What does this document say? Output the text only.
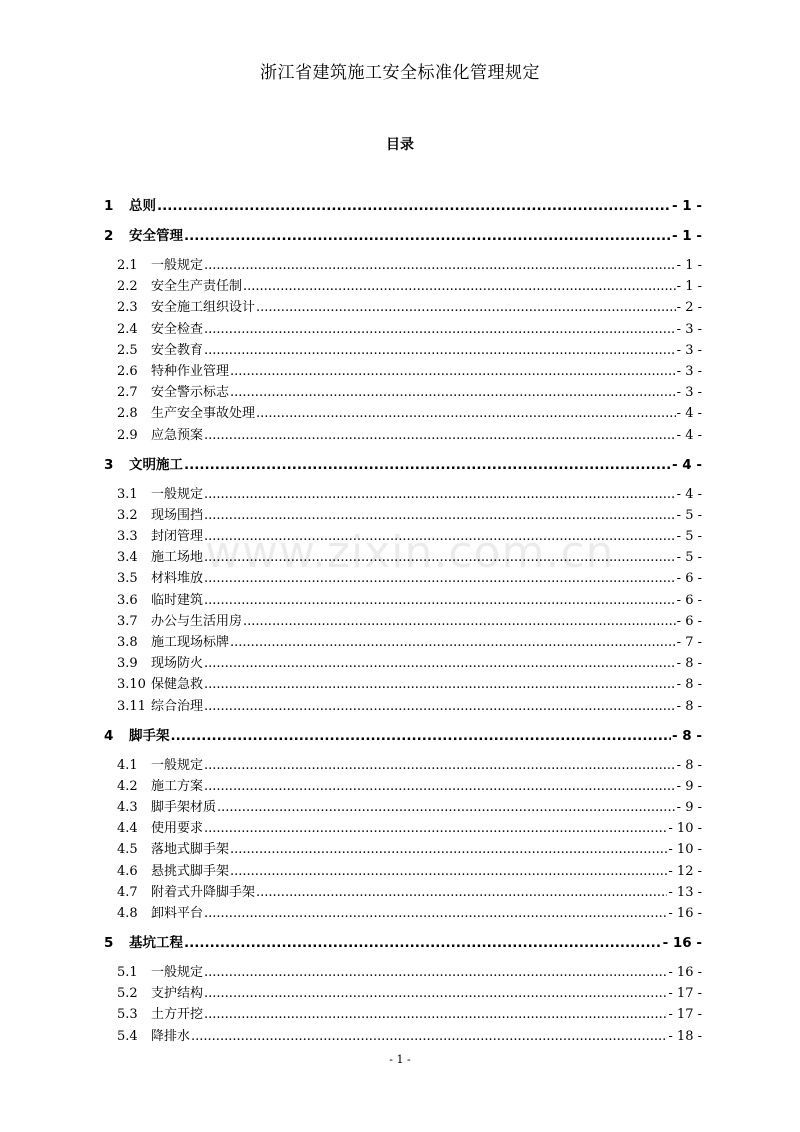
浙江省建筑施工安全标准化管理规定
目录
1	总则 .....	- 1 -
2	安全管理 .....	- 1 -
2.1	一般规定 .....	- 1 -
2.2	安全生产责任制 .....	- 1 -
2.3	安全施工组织设计 .....	- 2 -
2.4	安全检查 .....	- 3 -
2.5	安全教育 .....	- 3 -
2.6	特种作业管理 .....	- 3 -
2.7	安全警示标志 .....	- 3 -
2.8	生产安全事故处理 .....	- 4 -
2.9	应急预案 .....	- 4 -
3	文明施工 .....	- 4 -
3.1	一般规定 .....	- 4 -
3.2	现场围挡 .....	- 5 -
3.3	封闭管理 .....	- 5 -
3.4	施工场地 .....	- 5 -
3.5	材料堆放 .....	- 6 -
3.6	临时建筑 .....	- 6 -
3.7	办公与生活用房 .....	- 6 -
3.8	施工现场标牌 .....	- 7 -
3.9	现场防火 .....	- 8 -
3.10 保健急救 .....	- 8 -
3.11 综合治理 .....	- 8 -
4	脚手架 .....	- 8 -
4.1	一般规定 .....	- 8 -
4.2	施工方案 .....	- 9 -
4.3	脚手架材质 .....	- 9 -
4.4	使用要求 .....	- 10 -
4.5	落地式脚手架 .....	- 10 -
4.6	悬挑式脚手架 .....	- 12 -
4.7	附着式升降脚手架 .....	- 13 -
4.8	卸料平台 .....	- 16 -
5	基坑工程 .....	- 16 -
5.1	一般规定 .....	- 16 -
5.2	支护结构 .....	- 17 -
5.3	土方开挖 .....	- 17 -
5.4	降排水 .....	- 18 -
www.zixin.com.cn
- 1 -
